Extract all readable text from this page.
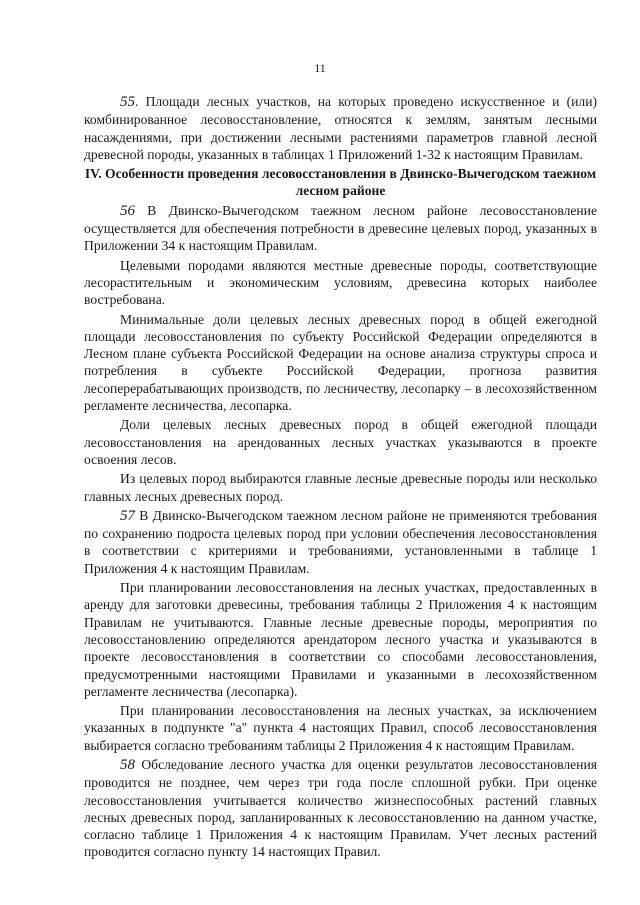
11

55. Площади лесных участков, на которых проведено искусственное и (или) комбинированное лесовосстановление, относятся к землям, занятым лесными насаждениями, при достижении лесными растениями параметров главной лесной древесной породы, указанных в таблицах 1 Приложений 1-32 к настоящим Правилам.

IV. Особенности проведения лесовосстановления в Двинско-Вычегодском таежном лесном районе

56 В Двинско-Вычегодском таежном лесном районе лесовосстановление осуществляется для обеспечения потребности в древесине целевых пород, указанных в Приложении 34 к настоящим Правилам.

Целевыми породами являются местные древесные породы, соответствующие лесорастительным и экономическим условиям, древесина которых наиболее востребована.

Минимальные доли целевых лесных древесных пород в общей ежегодной площади лесовосстановления по субъекту Российской Федерации определяются в Лесном плане субъекта Российской Федерации на основе анализа структуры спроса и потребления в субъекте Российской Федерации, прогноза развития лесоперерабатывающих производств, по лесничеству, лесопарку – в лесохозяйственном регламенте лесничества, лесопарка.

Доли целевых лесных древесных пород в общей ежегодной площади лесовосстановления на арендованных лесных участках указываются в проекте освоения лесов.

Из целевых пород выбираются главные лесные древесные породы или несколько главных лесных древесных пород.

57 В Двинско-Вычегодском таежном лесном районе не применяются требования по сохранению подроста целевых пород при условии обеспечения лесовосстановления в соответствии с критериями и требованиями, установленными в таблице 1 Приложения 4 к настоящим Правилам.

При планировании лесовосстановления на лесных участках, предоставленных в аренду для заготовки древесины, требования таблицы 2 Приложения 4 к настоящим Правилам не учитываются. Главные лесные древесные породы, мероприятия по лесовосстановлению определяются арендатором лесного участка и указываются в проекте лесовосстановления в соответствии со способами лесовосстановления, предусмотренными настоящими Правилами и указанными в лесохозяйственном регламенте лесничества (лесопарка).

При планировании лесовосстановления на лесных участках, за исключением указанных в подпункте "а" пункта 4 настоящих Правил, способ лесовосстановления выбирается согласно требованиям таблицы 2 Приложения 4 к настоящим Правилам.

58 Обследование лесного участка для оценки результатов лесовосстановления проводится не позднее, чем через три года после сплошной рубки. При оценке лесовосстановления учитывается количество жизнеспособных растений главных лесных древесных пород, запланированных к лесовосстановлению на данном участке, согласно таблице 1 Приложения 4 к настоящим Правилам. Учет лесных растений проводится согласно пункту 14 настоящих Правил.
